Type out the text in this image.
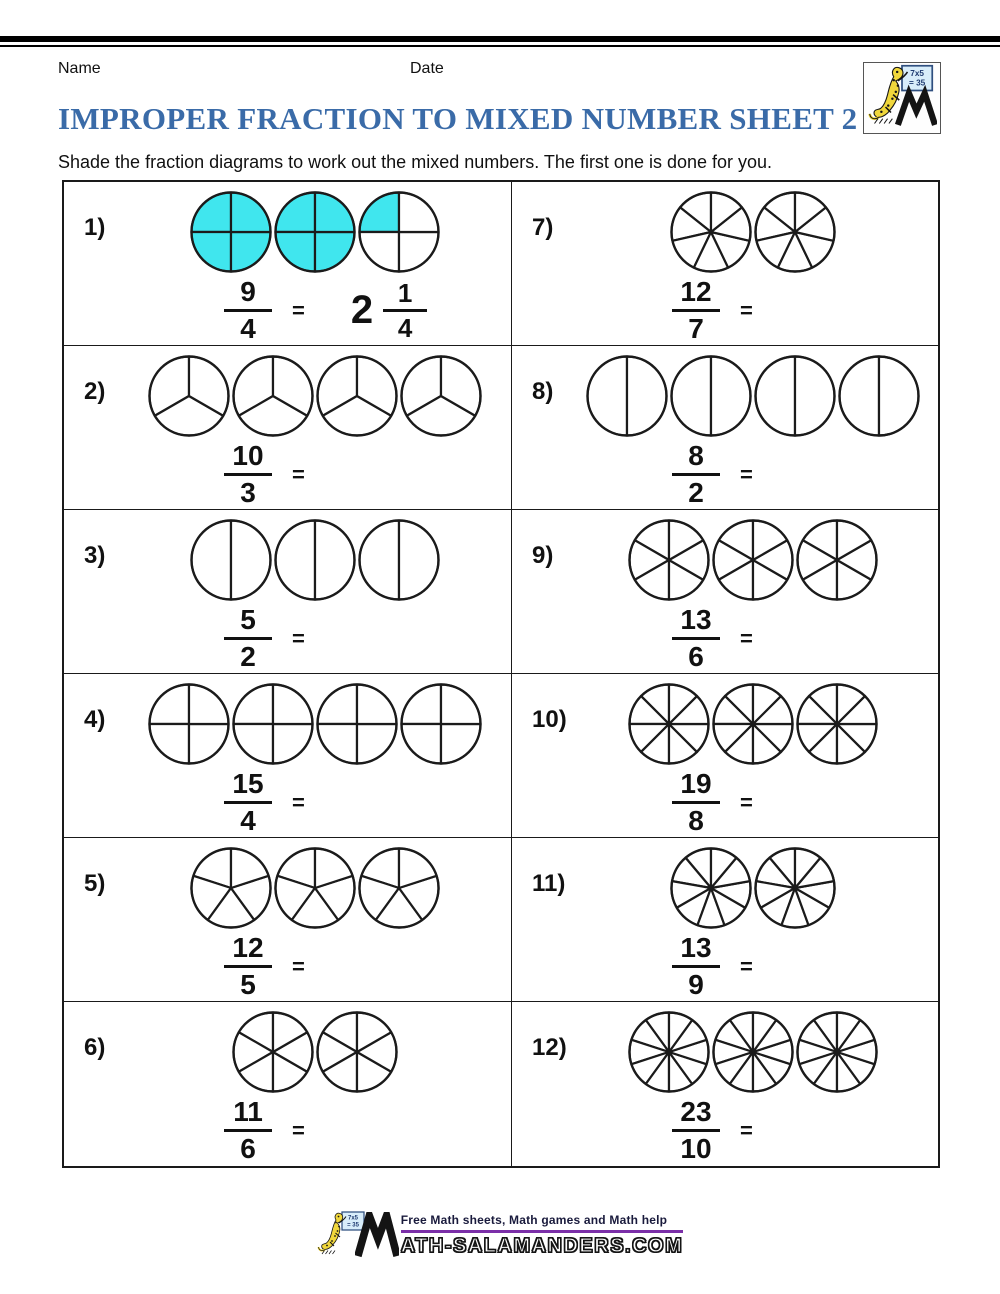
Name	Date	7x5
= 35
IMPROPER FRACTION TO MIXED NUMBER SHEET 2
Shade the fraction diagrams to work out the mixed numbers. The first one is done for you.
1)
$\frac{9}{4} = 2 \frac{1}{4}$
7)
$\frac{12}{7}$ =
2)
$\frac{10}{3}$ =
8)
$\frac{8}{2}$ =
3)
$\frac{5}{2}$ =
9)
$\frac{13}{6}$ =
4)
$\frac{15}{4}$ =
10)
$\frac{19}{8}$ =
5)
$\frac{12}{5}$ =
11)
$\frac{13}{9}$ =
6)
$\frac{11}{6}$ =
12)
$\frac{23}{10}$ =
7x5
= 35	Free Math sheets, Math games and Math help
ATH-SALAMANDERS.COM
